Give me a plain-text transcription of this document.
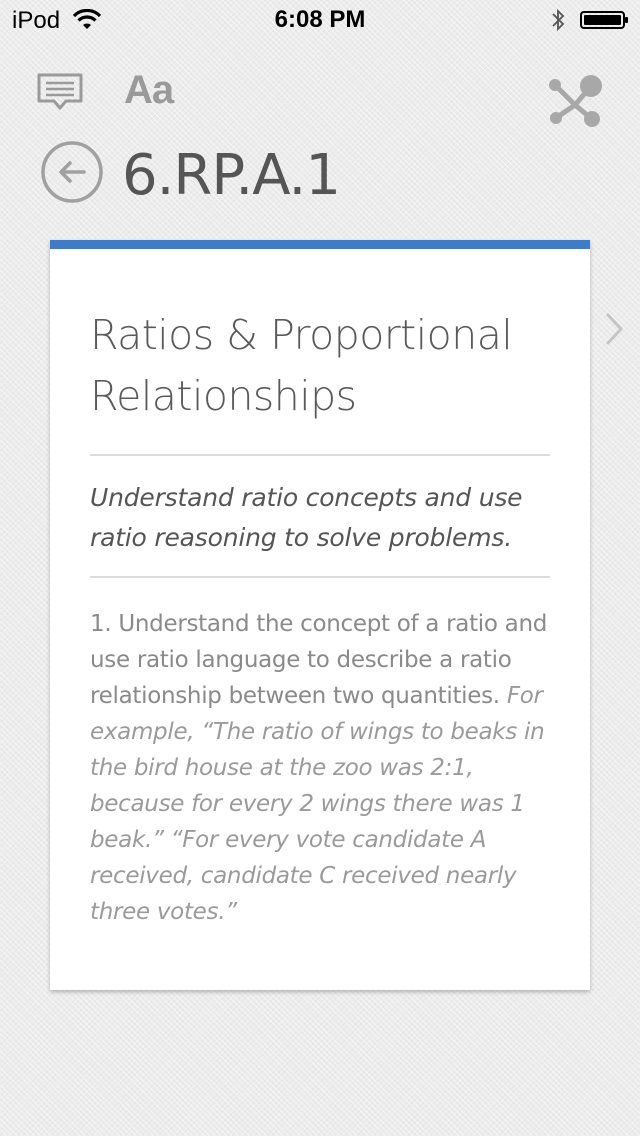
iPod	6:08 PM
Aa
6.RP.A.1
Ratios & Proportional Relationships
Understand ratio concepts and use ratio reasoning to solve problems.
1. Understand the concept of a ratio and use ratio language to describe a ratio relationship between two quantities. For example, “The ratio of wings to beaks in the bird house at the zoo was 2:1, because for every 2 wings there was 1 beak.” “For every vote candidate A received, candidate C received nearly three votes.”
